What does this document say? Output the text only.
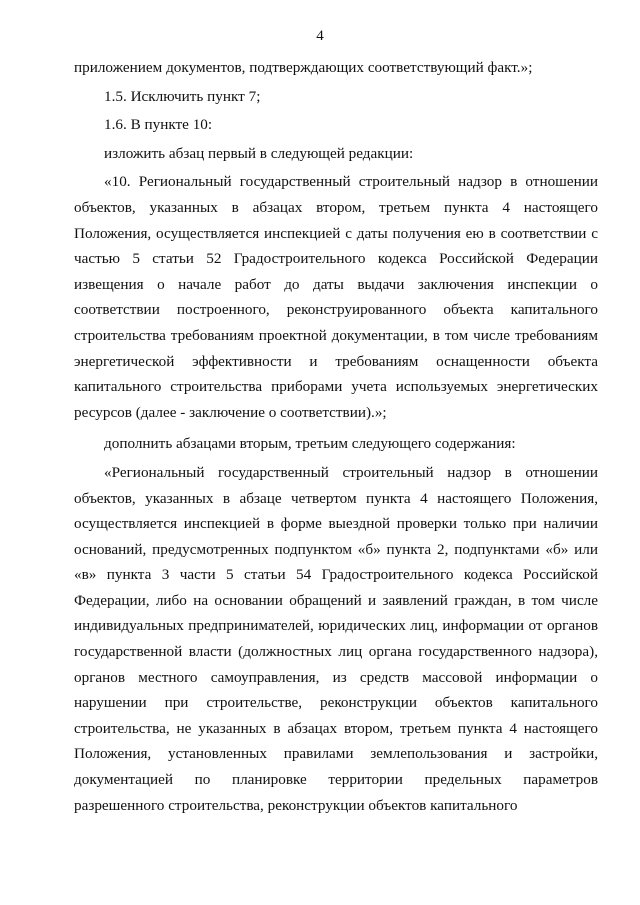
4

приложением документов, подтверждающих соответствующий факт.»;

1.5. Исключить пункт 7;

1.6. В пункте 10:

изложить абзац первый в следующей редакции:

«10. Региональный государственный строительный надзор в отношении объектов, указанных в абзацах втором, третьем пункта 4 настоящего Положения, осуществляется инспекцией с даты получения ею в соответствии с частью 5 статьи 52 Градостроительного кодекса Российской Федерации извещения о начале работ до даты выдачи заключения инспекции о соответствии построенного, реконструированного объекта капитального строительства требованиям проектной документации, в том числе требованиям энергетической эффективности и требованиям оснащенности объекта капитального строительства приборами учета используемых энергетических ресурсов (далее - заключение о соответствии).»;

дополнить абзацами вторым, третьим следующего содержания:

«Региональный государственный строительный надзор в отношении объектов, указанных в абзаце четвертом пункта 4 настоящего Положения, осуществляется инспекцией в форме выездной проверки только при наличии оснований, предусмотренных подпунктом «б» пункта 2, подпунктами «б» или «в» пункта 3 части 5 статьи 54 Градостроительного кодекса Российской Федерации, либо на основании обращений и заявлений граждан, в том числе индивидуальных предпринимателей, юридических лиц, информации от органов государственной власти (должностных лиц органа государственного надзора), органов местного самоуправления, из средств массовой информации о нарушении при строительстве, реконструкции объектов капитального строительства, не указанных в абзацах втором, третьем пункта 4 настоящего Положения, установленных правилами землепользования и застройки, документацией по планировке территории предельных параметров разрешенного строительства, реконструкции объектов капитального
